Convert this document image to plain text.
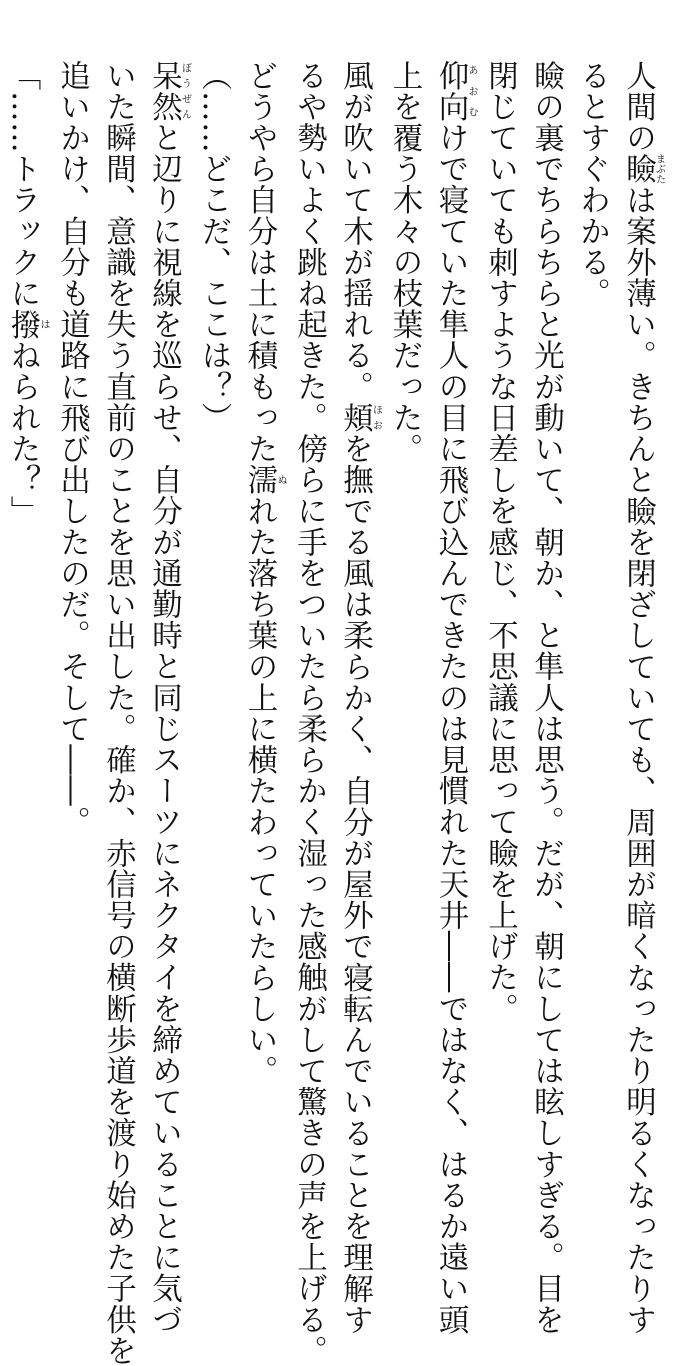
人間の瞼まぶたは案外薄い。きちんと瞼を閉ざしていても、周囲が暗くなったり明るくなったりす
るとすぐわかる。
瞼の裏でちらちらと光が動いて、朝か、と隼人は思う。だが、朝にしては眩しすぎる。目を
閉じていても刺すような日差しを感じ、不思議に思って瞼を上げた。
仰向あおむけで寝ていた隼人の目に飛び込んできたのは見慣れた天井――ではなく、はるか遠い頭
上を覆う木々の枝葉だった。
風が吹いて木が揺れる。頬ほおを撫でる風は柔らかく、自分が屋外で寝転んでいることを理解す
るや勢いよく跳ね起きた。傍らに手をついたら柔らかく湿った感触がして驚きの声を上げる。
どうやら自分は土に積もった濡ぬれた落ち葉の上に横たわっていたらしい。
（……どこだ、ここは？）
呆然ぼうぜんと辺りに視線を巡らせ、自分が通勤時と同じスーツにネクタイを締めていることに気づ
いた瞬間、意識を失う直前のことを思い出した。確か、赤信号の横断歩道を渡り始めた子供を
追いかけ、自分も道路に飛び出したのだ。そして――。
「……トラックに撥はねられた？」
